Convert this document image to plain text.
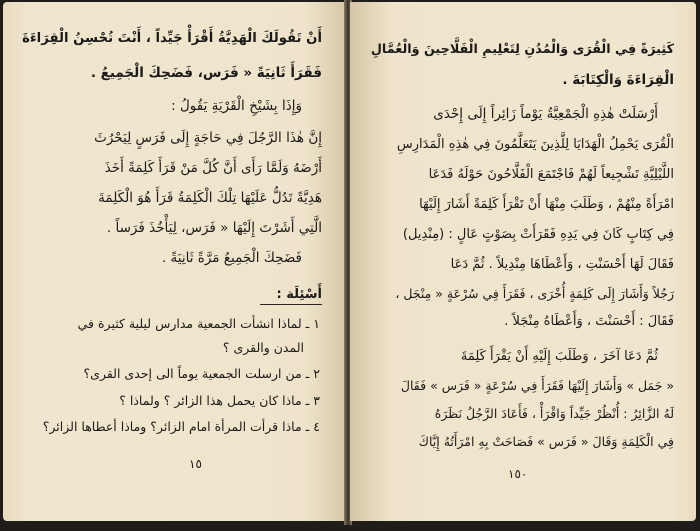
أَنْ تَقُولَكَ الْهَدِيَّةُ أَقْرَأْ جَيِّداً ، أَنْتَ تُحْسِنُ الْقِرَاءَةَ
فَقَرَأَ ثَانِيَةً « فَرَس، فَضَحِكَ الْجَمِيعُ .
وَإِذَا بِشَيْخِ الْقَرْيَةِ يَقُولُ :
إِنَّ هٰذَا الرَّجُلَ فِي حَاجَةٍ إِلَى فَرَسٍ لِيَحْرُثَ
أَرْضَهُ وَلَمَّا رَأَى أَنَّ كُلَّ مَنْ قَرَأَ كَلِمَةً أَخَذَ
هَدِيَّةً تَدُلُّ عَلَيْهَا تِلْكَ الْكَلِمَةُ قَرَأَ هُوَ الْكَلِمَةَ
الَّتِي أَشَرْتَ إِلَيْهَا « فَرَس، لِيَأْخُذَ فَرَساً .
فَضَحِكَ الْجَمِيعُ مَرَّةً ثَانِيَةً .
أَسْئِلَة :
١ ـ لماذا انشأت الجمعية مدارس ليلية كثيرة في
المدن والقرى ؟
٢ ـ من ارسلت الجمعية يوماً الى إحدى القرى؟
٣ ـ ماذا كان يحمل هذا الزائر ؟ ولماذا ؟
٤ ـ ماذا قرأت المرأة امام الزائر؟ وماذا أعطاها الزائر؟
١٥
كَثِيرَةً فِي الْقُرَى وَالْمُدُنِ لِتَعْلِيمِ الْفَلَّاحِينَ وَالْعُمَّالِ
الْقِرَاءَةَ وَالْكِتَابَةَ .
أَرْسَلَتْ هٰذِهِ الْجَمْعِيَّةُ يَوْماً زَائِراً إِلَى إِحْدَى
الْقُرَى يَحْمِلُ الْهَدَايَا لِلَّذِينَ يَتَعَلَّمُونَ فِي هٰذِهِ الْمَدَارِسِ
اللَّيْلِيَّةِ تَشْجِيعاً لَهُمْ فَاجْتَمَعَ الْفَلَّاحُونَ حَوْلَهُ فَدَعَا
امْرَأَةً مِنْهُمْ ، وَطَلَبَ مِنْهَا أَنْ تَقْرَأَ كَلِمَةً أَشَارَ إِلَيْهَا
فِي كِتَابٍ كَانَ فِي يَدِهِ فَقَرَأَتْ بِصَوْتٍ عَالٍ : (مِنْدِيل)
فَقَالَ لَهَا أَحْسَنْتِ ، وَأَعْطَاهَا مِنْدِيلاً . ثُمَّ دَعَا
رَجُلاً وَأَشَارَ إِلَى كَلِمَةٍ أُخْرَى ، فَقَرَأَ فِي سُرْعَةٍ « مِنْجَل ،
فَقَالَ : أَحْسَنْتَ ، وَأَعْطَاهُ مِنْجَلاً .
ثُمَّ دَعَا آخَرَ ، وَطَلَبَ إِلَيْهِ أَنْ يَقْرَأَ كَلِمَةَ
« جَمَل » وَأَشَارَ إِلَيْهَا فَقَرَأَ فِي سُرْعَةٍ « فَرَس » فَقَالَ
لَهُ الزَّائِرُ : أُنْظُرْ جَيِّداً وَاقْرَأْ ، فَأَعَادَ الرَّجُلُ نَظَرَهُ
فِي الْكَلِمَةِ وَقَالَ « فَرَس » فَصَاحَتْ بِهِ امْرَأَتُهُ إِيَّاكَ
١٥٠
